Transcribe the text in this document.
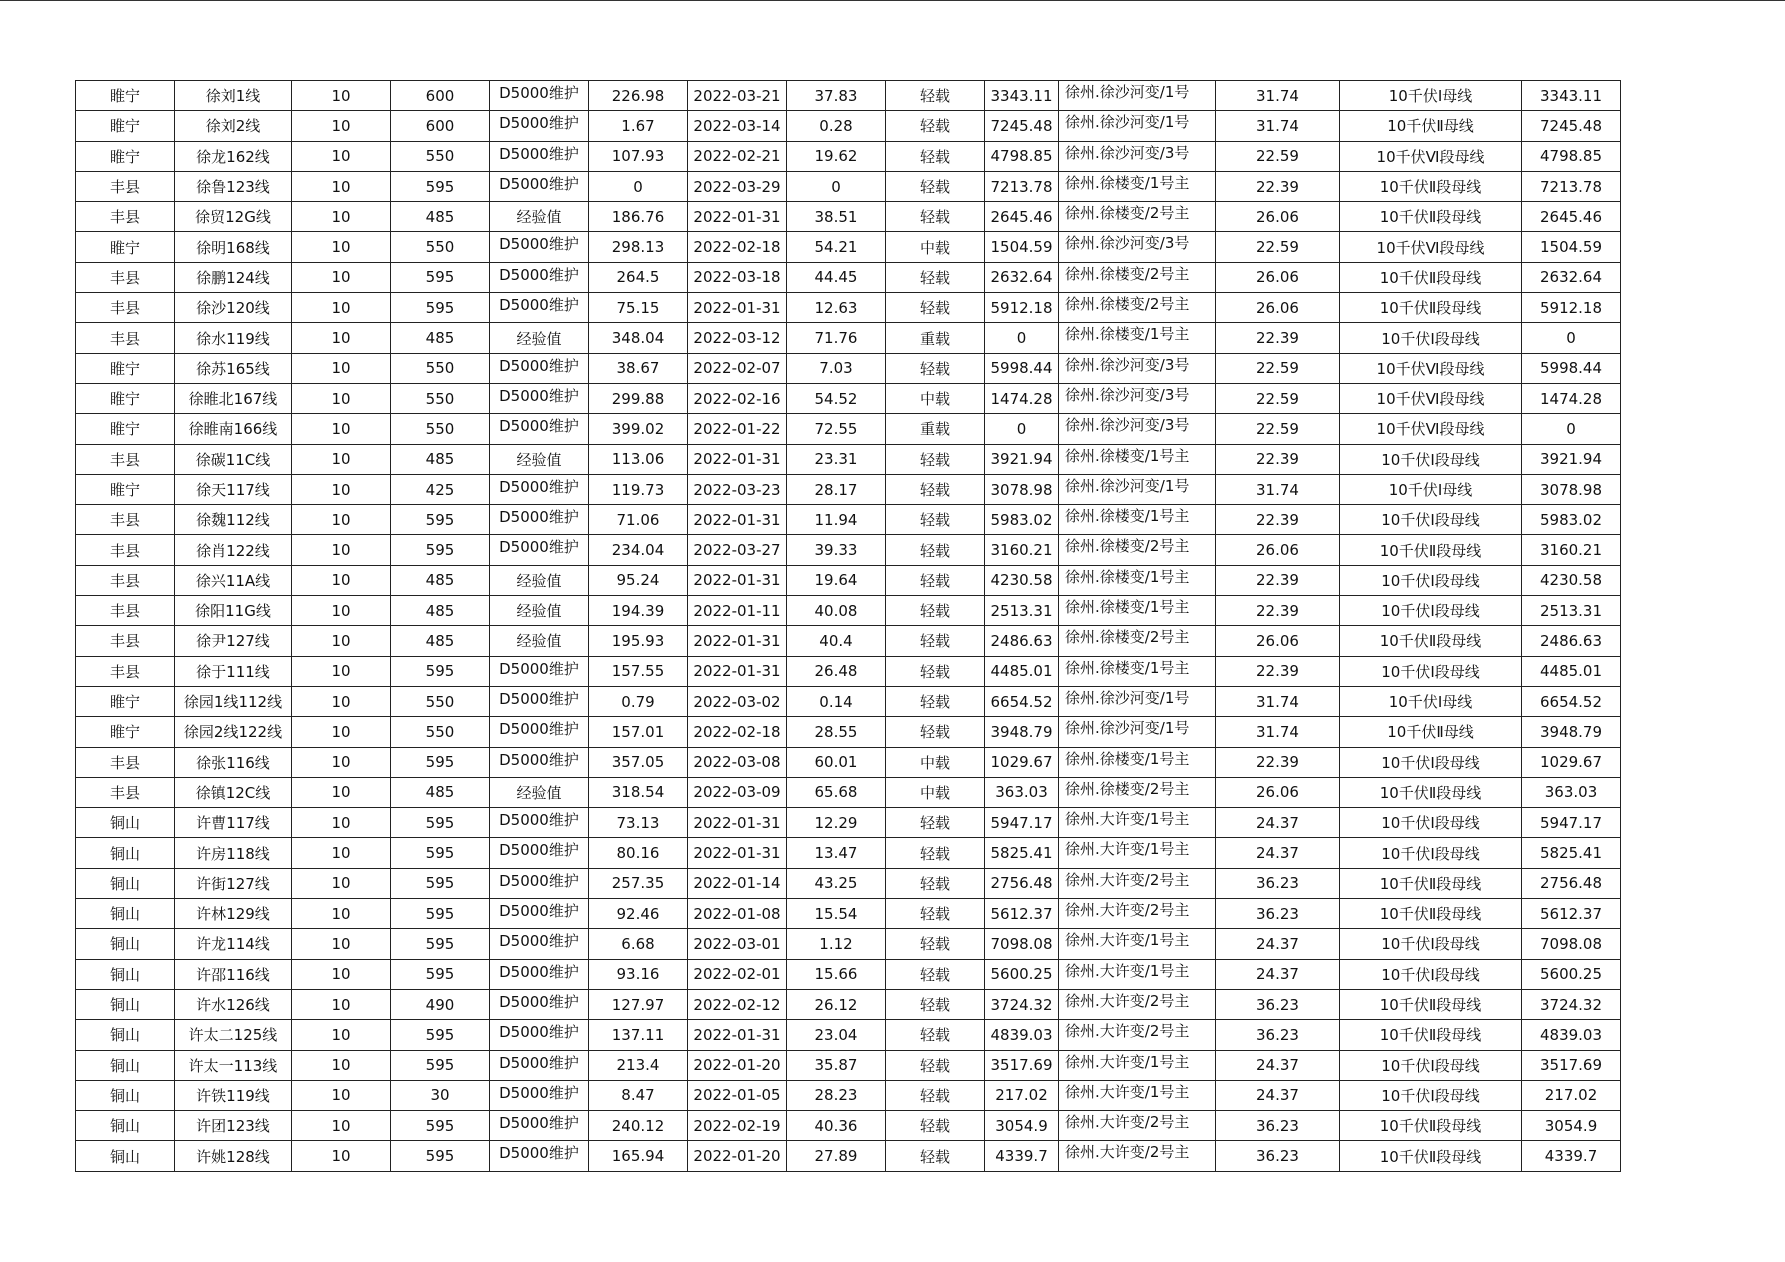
睢宁	徐刘1线	10	600	D5000维护	226.98	2022-03-21	37.83	轻载	3343.11	徐州.徐沙河变/1号	31.74	10千伏Ⅰ母线	3343.11
睢宁	徐刘2线	10	600	D5000维护	1.67	2022-03-14	0.28	轻载	7245.48	徐州.徐沙河变/1号	31.74	10千伏Ⅱ母线	7245.48
睢宁	徐龙162线	10	550	D5000维护	107.93	2022-02-21	19.62	轻载	4798.85	徐州.徐沙河变/3号	22.59	10千伏Ⅵ段母线	4798.85
丰县	徐鲁123线	10	595	D5000维护	0	2022-03-29	0	轻载	7213.78	徐州.徐楼变/1号主	22.39	10千伏Ⅱ段母线	7213.78
丰县	徐贸12G线	10	485	经验值	186.76	2022-01-31	38.51	轻载	2645.46	徐州.徐楼变/2号主	26.06	10千伏Ⅱ段母线	2645.46
睢宁	徐明168线	10	550	D5000维护	298.13	2022-02-18	54.21	中载	1504.59	徐州.徐沙河变/3号	22.59	10千伏Ⅵ段母线	1504.59
丰县	徐鹏124线	10	595	D5000维护	264.5	2022-03-18	44.45	轻载	2632.64	徐州.徐楼变/2号主	26.06	10千伏Ⅱ段母线	2632.64
丰县	徐沙120线	10	595	D5000维护	75.15	2022-01-31	12.63	轻载	5912.18	徐州.徐楼变/2号主	26.06	10千伏Ⅱ段母线	5912.18
丰县	徐水119线	10	485	经验值	348.04	2022-03-12	71.76	重载	0	徐州.徐楼变/1号主	22.39	10千伏Ⅰ段母线	0
睢宁	徐苏165线	10	550	D5000维护	38.67	2022-02-07	7.03	轻载	5998.44	徐州.徐沙河变/3号	22.59	10千伏Ⅵ段母线	5998.44
睢宁	徐睢北167线	10	550	D5000维护	299.88	2022-02-16	54.52	中载	1474.28	徐州.徐沙河变/3号	22.59	10千伏Ⅵ段母线	1474.28
睢宁	徐睢南166线	10	550	D5000维护	399.02	2022-01-22	72.55	重载	0	徐州.徐沙河变/3号	22.59	10千伏Ⅵ段母线	0
丰县	徐碳11C线	10	485	经验值	113.06	2022-01-31	23.31	轻载	3921.94	徐州.徐楼变/1号主	22.39	10千伏Ⅰ段母线	3921.94
睢宁	徐天117线	10	425	D5000维护	119.73	2022-03-23	28.17	轻载	3078.98	徐州.徐沙河变/1号	31.74	10千伏Ⅰ母线	3078.98
丰县	徐魏112线	10	595	D5000维护	71.06	2022-01-31	11.94	轻载	5983.02	徐州.徐楼变/1号主	22.39	10千伏Ⅰ段母线	5983.02
丰县	徐肖122线	10	595	D5000维护	234.04	2022-03-27	39.33	轻载	3160.21	徐州.徐楼变/2号主	26.06	10千伏Ⅱ段母线	3160.21
丰县	徐兴11A线	10	485	经验值	95.24	2022-01-31	19.64	轻载	4230.58	徐州.徐楼变/1号主	22.39	10千伏Ⅰ段母线	4230.58
丰县	徐阳11G线	10	485	经验值	194.39	2022-01-11	40.08	轻载	2513.31	徐州.徐楼变/1号主	22.39	10千伏Ⅰ段母线	2513.31
丰县	徐尹127线	10	485	经验值	195.93	2022-01-31	40.4	轻载	2486.63	徐州.徐楼变/2号主	26.06	10千伏Ⅱ段母线	2486.63
丰县	徐于111线	10	595	D5000维护	157.55	2022-01-31	26.48	轻载	4485.01	徐州.徐楼变/1号主	22.39	10千伏Ⅰ段母线	4485.01
睢宁	徐园1线112线	10	550	D5000维护	0.79	2022-03-02	0.14	轻载	6654.52	徐州.徐沙河变/1号	31.74	10千伏Ⅰ母线	6654.52
睢宁	徐园2线122线	10	550	D5000维护	157.01	2022-02-18	28.55	轻载	3948.79	徐州.徐沙河变/1号	31.74	10千伏Ⅱ母线	3948.79
丰县	徐张116线	10	595	D5000维护	357.05	2022-03-08	60.01	中载	1029.67	徐州.徐楼变/1号主	22.39	10千伏Ⅰ段母线	1029.67
丰县	徐镇12C线	10	485	经验值	318.54	2022-03-09	65.68	中载	363.03	徐州.徐楼变/2号主	26.06	10千伏Ⅱ段母线	363.03
铜山	许曹117线	10	595	D5000维护	73.13	2022-01-31	12.29	轻载	5947.17	徐州.大许变/1号主	24.37	10千伏Ⅰ段母线	5947.17
铜山	许房118线	10	595	D5000维护	80.16	2022-01-31	13.47	轻载	5825.41	徐州.大许变/1号主	24.37	10千伏Ⅰ段母线	5825.41
铜山	许街127线	10	595	D5000维护	257.35	2022-01-14	43.25	轻载	2756.48	徐州.大许变/2号主	36.23	10千伏Ⅱ段母线	2756.48
铜山	许林129线	10	595	D5000维护	92.46	2022-01-08	15.54	轻载	5612.37	徐州.大许变/2号主	36.23	10千伏Ⅱ段母线	5612.37
铜山	许龙114线	10	595	D5000维护	6.68	2022-03-01	1.12	轻载	7098.08	徐州.大许变/1号主	24.37	10千伏Ⅰ段母线	7098.08
铜山	许邵116线	10	595	D5000维护	93.16	2022-02-01	15.66	轻载	5600.25	徐州.大许变/1号主	24.37	10千伏Ⅰ段母线	5600.25
铜山	许水126线	10	490	D5000维护	127.97	2022-02-12	26.12	轻载	3724.32	徐州.大许变/2号主	36.23	10千伏Ⅱ段母线	3724.32
铜山	许太二125线	10	595	D5000维护	137.11	2022-01-31	23.04	轻载	4839.03	徐州.大许变/2号主	36.23	10千伏Ⅱ段母线	4839.03
铜山	许太一113线	10	595	D5000维护	213.4	2022-01-20	35.87	轻载	3517.69	徐州.大许变/1号主	24.37	10千伏Ⅰ段母线	3517.69
铜山	许铁119线	10	30	D5000维护	8.47	2022-01-05	28.23	轻载	217.02	徐州.大许变/1号主	24.37	10千伏Ⅰ段母线	217.02
铜山	许团123线	10	595	D5000维护	240.12	2022-02-19	40.36	轻载	3054.9	徐州.大许变/2号主	36.23	10千伏Ⅱ段母线	3054.9
铜山	许姚128线	10	595	D5000维护	165.94	2022-01-20	27.89	轻载	4339.7	徐州.大许变/2号主	36.23	10千伏Ⅱ段母线	4339.7
